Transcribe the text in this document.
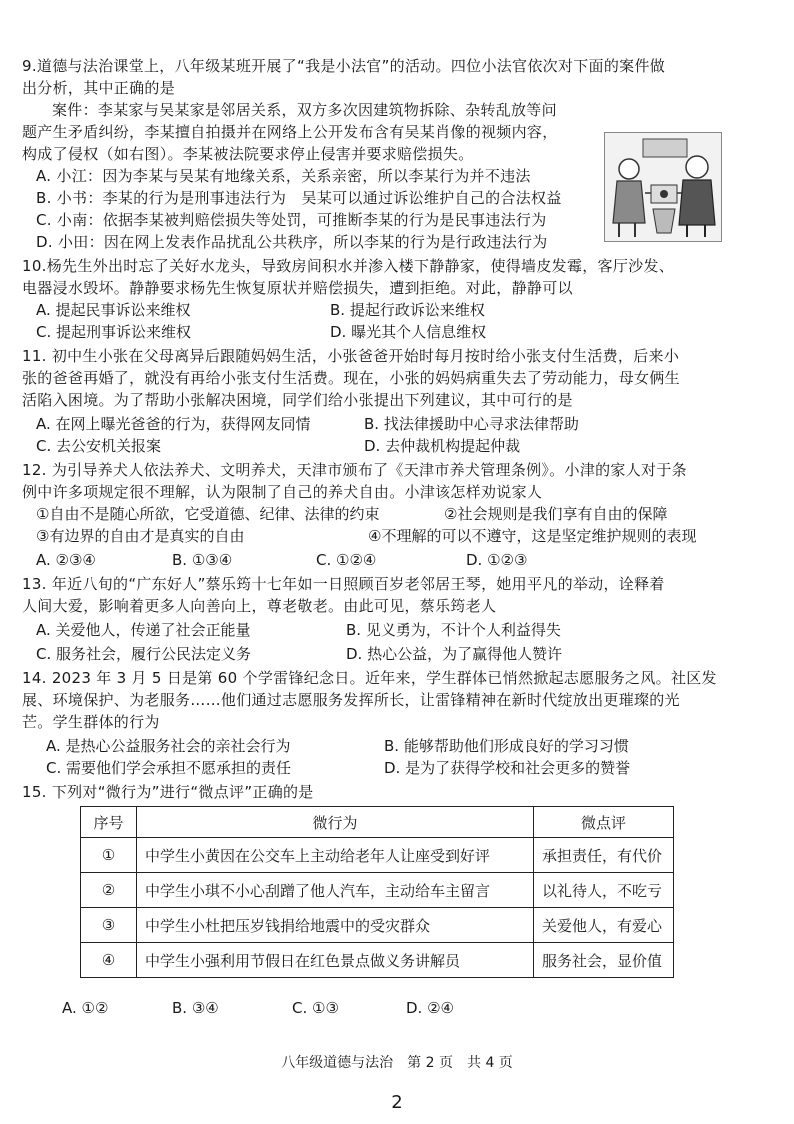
9.道德与法治课堂上，八年级某班开展了“我是小法官”的活动。四位小法官依次对下面的案件做
出分析，其中正确的是
案件：李某家与吴某家是邻居关系，双方多次因建筑物拆除、杂转乱放等问
题产生矛盾纠纷，李某擅自拍摄并在网络上公开发布含有吴某肖像的视频内容，
构成了侵权（如右图）。李某被法院要求停止侵害并要求赔偿损失。
A. 小江：因为李某与吴某有地缘关系，关系亲密，所以李某行为并不违法
B. 小书：李某的行为是刑事违法行为　吴某可以通过诉讼维护自己的合法权益
C. 小南：依据李某被判赔偿损失等处罚，可推断李某的行为是民事违法行为
D. 小田：因在网上发表作品扰乱公共秩序，所以李某的行为是行政违法行为
10.杨先生外出时忘了关好水龙头，导致房间积水并渗入楼下静静家，使得墙皮发霉，客厅沙发、
电器浸水毁坏。静静要求杨先生恢复原状并赔偿损失，遭到拒绝。对此，静静可以
A. 提起民事诉讼来维权	B. 提起行政诉讼来维权
C. 提起刑事诉讼来维权	D. 曝光其个人信息维权
11. 初中生小张在父母离异后跟随妈妈生活，小张爸爸开始时每月按时给小张支付生活费，后来小
张的爸爸再婚了，就没有再给小张支付生活费。现在，小张的妈妈病重失去了劳动能力，母女俩生
活陷入困境。为了帮助小张解决困境，同学们给小张提出下列建议，其中可行的是
A. 在网上曝光爸爸的行为，获得网友同情	B. 找法律援助中心寻求法律帮助
C. 去公安机关报案	D. 去仲裁机构提起仲裁
12. 为引导养犬人依法养犬、文明养犬，天津市颁布了《天津市养犬管理条例》。小津的家人对于条
例中许多项规定很不理解，认为限制了自己的养犬自由。小津该怎样劝说家人
①自由不是随心所欲，它受道德、纪律、法律的约束	②社会规则是我们享有自由的保障
③有边界的自由才是真实的自由	④不理解的可以不遵守，这是坚定维护规则的表现
A. ②③④	B. ①③④	C. ①②④	D. ①②③
13. 年近八旬的“广东好人”蔡乐筠十七年如一日照顾百岁老邻居王琴，她用平凡的举动，诠释着
人间大爱，影响着更多人向善向上，尊老敬老。由此可见，蔡乐筠老人
A. 关爱他人，传递了社会正能量	B. 见义勇为，不计个人利益得失
C. 服务社会，履行公民法定义务	D. 热心公益，为了赢得他人赞许
14. 2023 年 3 月 5 日是第 60 个学雷锋纪念日。近年来，学生群体已悄然掀起志愿服务之风。社区发
展、环境保护、为老服务……他们通过志愿服务发挥所长，让雷锋精神在新时代绽放出更璀璨的光
芒。学生群体的行为
A. 是热心公益服务社会的亲社会行为	B. 能够帮助他们形成良好的学习习惯
C. 需要他们学会承担不愿承担的责任	D. 是为了获得学校和社会更多的赞誉
15. 下列对“微行为”进行“微点评”正确的是
序号	微行为	微点评
①	中学生小黄因在公交车上主动给老年人让座受到好评	承担责任，有代价
②	中学生小琪不小心刮蹭了他人汽车，主动给车主留言	以礼待人，不吃亏
③	中学生小杜把压岁钱捐给地震中的受灾群众	关爱他人，有爱心
④	中学生小强利用节假日在红色景点做义务讲解员	服务社会，显价值
A. ①②	B. ③④	C. ①③	D. ②④
八年级道德与法治　第 2 页　共 4 页
2
